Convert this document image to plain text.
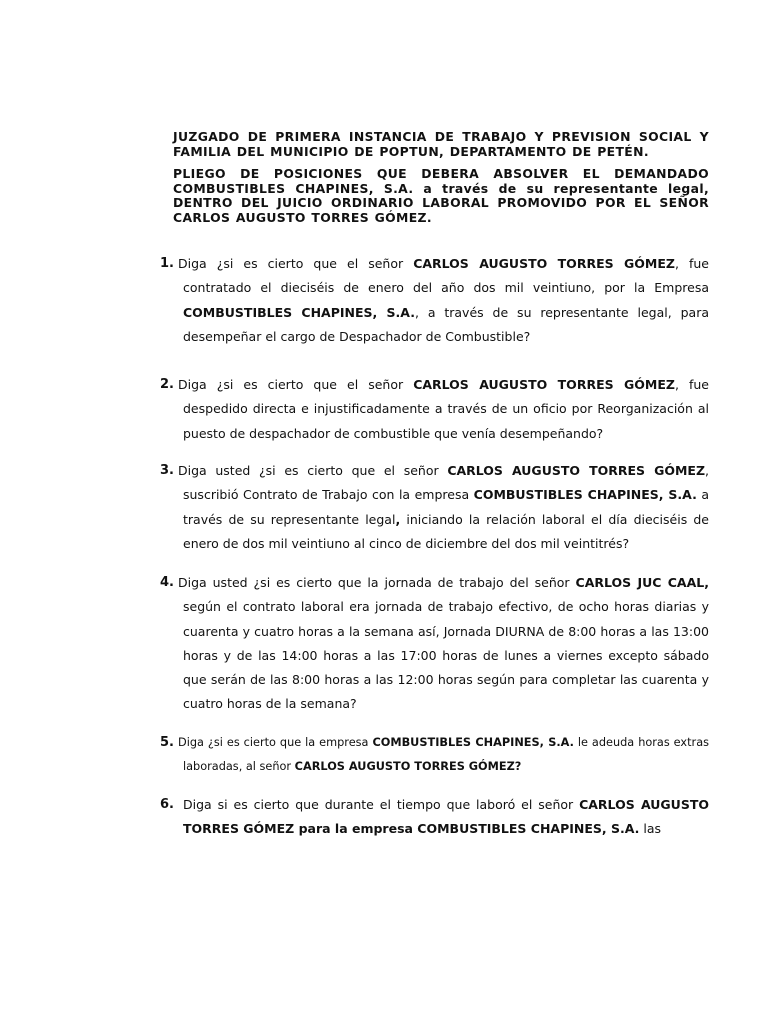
JUZGADO DE PRIMERA INSTANCIA DE TRABAJO Y PREVISION SOCIAL Y FAMILIA DEL MUNICIPIO DE POPTUN, DEPARTAMENTO DE PETÉN.
PLIEGO DE POSICIONES QUE DEBERA ABSOLVER EL DEMANDADO COMBUSTIBLES CHAPINES, S.A. a través de su representante legal, DENTRO DEL JUICIO ORDINARIO LABORAL PROMOVIDO POR EL SEÑOR CARLOS AUGUSTO TORRES GÓMEZ.
1. Diga ¿si es cierto que el señor CARLOS AUGUSTO TORRES GÓMEZ, fue contratado el dieciséis de enero del año dos mil veintiuno, por la Empresa COMBUSTIBLES CHAPINES, S.A., a través de su representante legal, para desempeñar el cargo de Despachador de Combustible?
2. Diga ¿si es cierto que el señor CARLOS AUGUSTO TORRES GÓMEZ, fue despedido directa e injustificadamente a través de un oficio por Reorganización al puesto de despachador de combustible que venía desempeñando?
3. Diga usted ¿si es cierto que el señor CARLOS AUGUSTO TORRES GÓMEZ, suscribió Contrato de Trabajo con la empresa COMBUSTIBLES CHAPINES, S.A. a través de su representante legal, iniciando la relación laboral el día dieciséis de enero de dos mil veintiuno al cinco de diciembre del dos mil veintitrés?
4. Diga usted ¿si es cierto que la jornada de trabajo del señor CARLOS JUC CAAL, según el contrato laboral era jornada de trabajo efectivo, de ocho horas diarias y cuarenta y cuatro horas a la semana así, Jornada DIURNA de 8:00 horas a las 13:00 horas y de las 14:00 horas a las 17:00 horas de lunes a viernes excepto sábado que serán de las 8:00 horas a las 12:00 horas según para completar las cuarenta y cuatro horas de la semana?
5. Diga ¿si es cierto que la empresa COMBUSTIBLES CHAPINES, S.A. le adeuda horas extras laboradas, al señor CARLOS AUGUSTO TORRES GÓMEZ?
6. Diga si es cierto que durante el tiempo que laboró el señor CARLOS AUGUSTO TORRES GÓMEZ para la empresa COMBUSTIBLES CHAPINES, S.A. las
